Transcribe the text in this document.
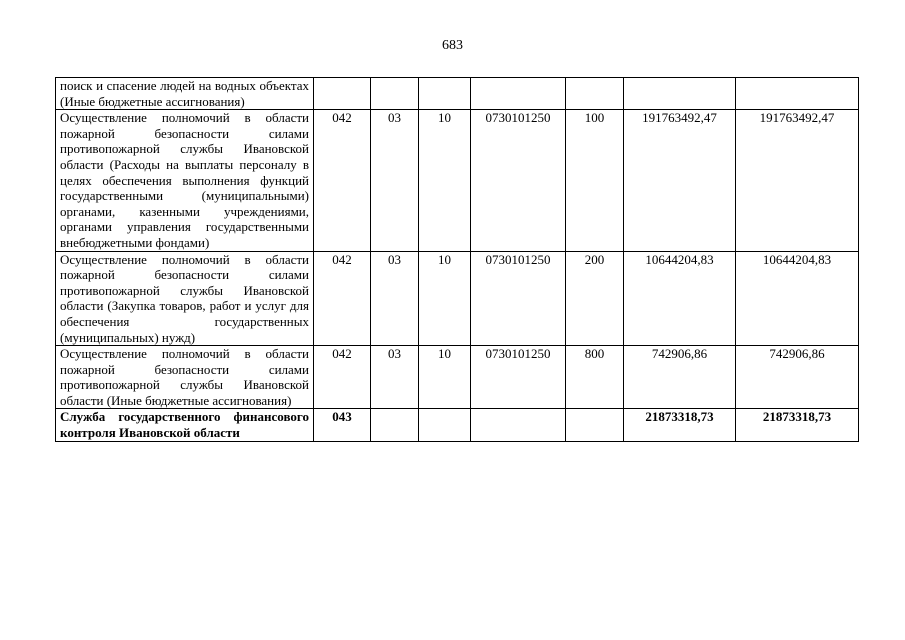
683
поиск и спасение людей на водных объектах (Иные бюджетные ассигнования)							
Осуществление полномочий в области пожарной безопасности силами противопожарной службы Ивановской области (Расходы на выплаты персоналу в целях обеспечения выполнения функций государственными (муниципальными) органами, казенными учреждениями, органами управления государственными внебюджетными фондами)	042	03	10	0730101250	100	191763492,47	191763492,47
Осуществление полномочий в области пожарной безопасности силами противопожарной службы Ивановской области (Закупка товаров, работ и услуг для обеспечения государственных (муниципальных) нужд)	042	03	10	0730101250	200	10644204,83	10644204,83
Осуществление полномочий в области пожарной безопасности силами противопожарной службы Ивановской области (Иные бюджетные ассигнования)	042	03	10	0730101250	800	742906,86	742906,86
Служба государственного финансового контроля Ивановской области	043					21873318,73	21873318,73
